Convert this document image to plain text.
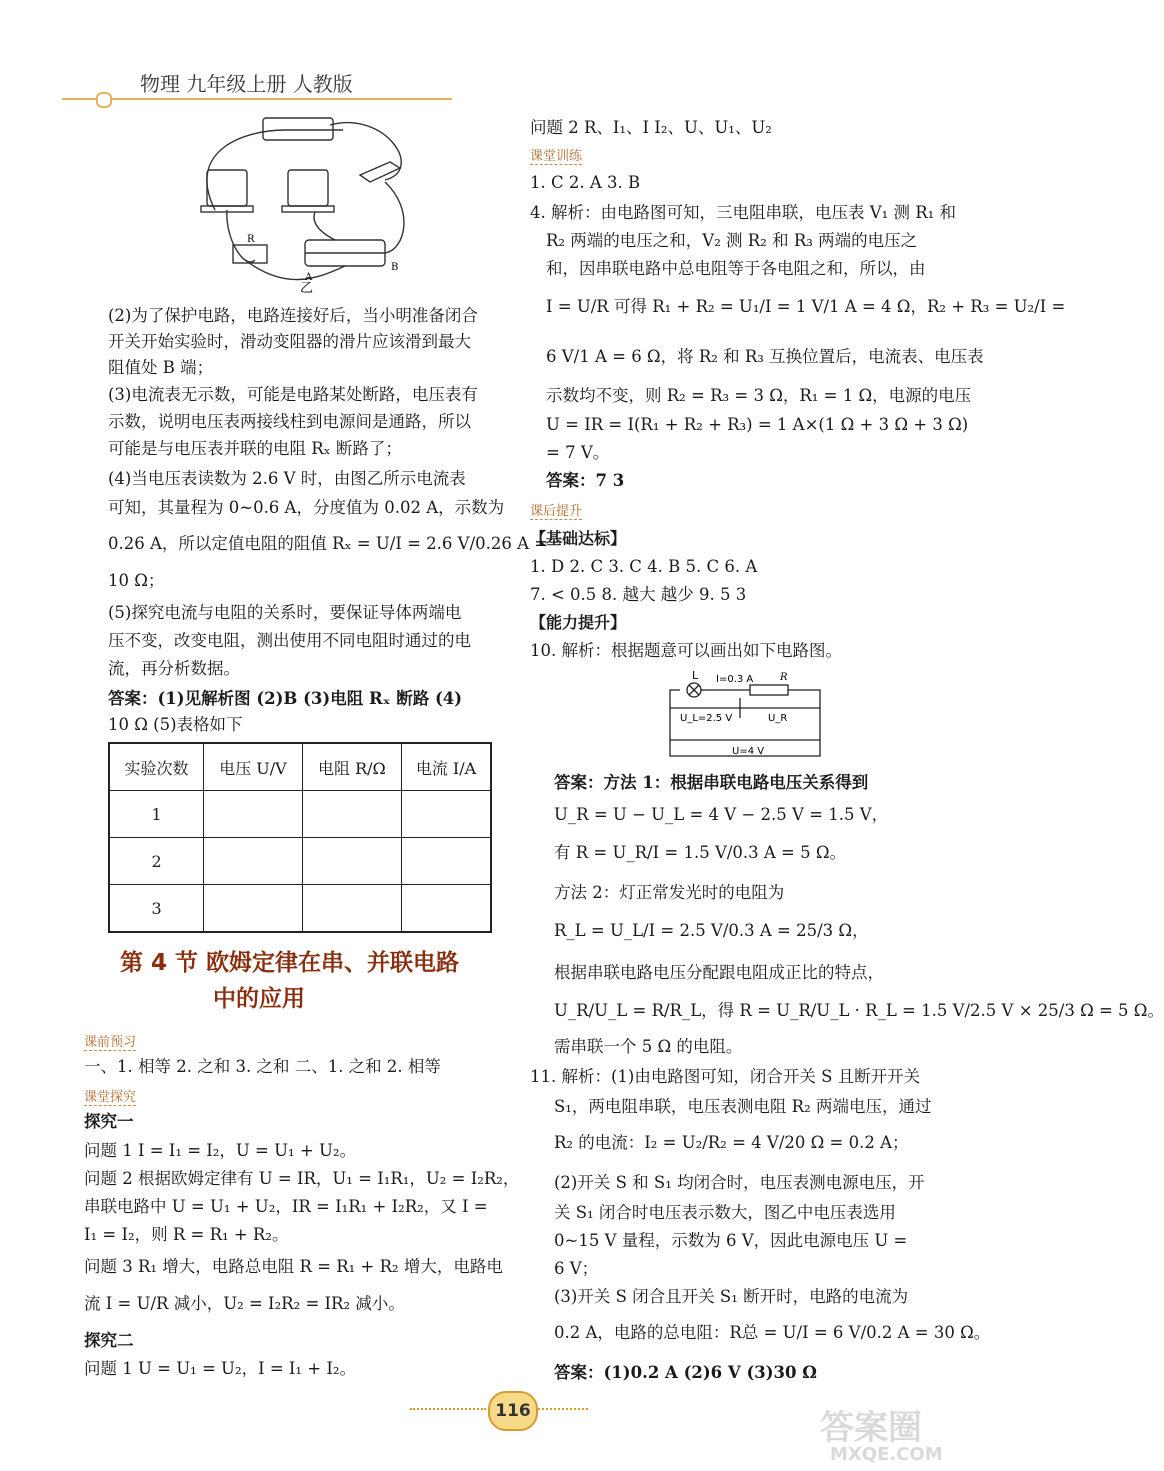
物理 九年级上册 人教版
R
A
B
乙
(2)为了保护电路，电路连接好后，当小明准备闭合
开关开始实验时，滑动变阻器的滑片应该滑到最大
阻值处 B 端；
(3)电流表无示数，可能是电路某处断路，电压表有
示数，说明电压表两接线柱到电源间是通路，所以
可能是与电压表并联的电阻 Rₓ 断路了；
(4)当电压表读数为 2.6 V 时，由图乙所示电流表
可知，其量程为 0~0.6 A，分度值为 0.02 A，示数为
0.26 A，所以定值电阻的阻值 Rₓ = U/I = 2.6 V/0.26 A =
10 Ω；
(5)探究电流与电阻的关系时，要保证导体两端电
压不变，改变电阻，测出使用不同电阻时通过的电
流，再分析数据。
答案：(1)见解析图 (2)B (3)电阻 Rₓ 断路 (4)
10 Ω (5)表格如下
实验次数	电压 U/V	电阻 R/Ω	电流 I/A
1			
2			
3			
第 4 节 欧姆定律在串、并联电路
中的应用
课前预习
一、1. 相等 2. 之和 3. 之和 二、1. 之和 2. 相等
课堂探究
探究一
问题 1 I = I₁ = I₂，U = U₁ + U₂。
问题 2 根据欧姆定律有 U = IR，U₁ = I₁R₁，U₂ = I₂R₂，
串联电路中 U = U₁ + U₂，IR = I₁R₁ + I₂R₂，又 I =
I₁ = I₂，则 R = R₁ + R₂。
问题 3 R₁ 增大，电路总电阻 R = R₁ + R₂ 增大，电路电
流 I = U/R 减小，U₂ = I₂R₂ = IR₂ 减小。
探究二
问题 1 U = U₁ = U₂，I = I₁ + I₂。
问题 2 R、I₁、I I₂、U、U₁、U₂
课堂训练
1. C 2. A 3. B
4. 解析：由电路图可知，三电阻串联，电压表 V₁ 测 R₁ 和
R₂ 两端的电压之和，V₂ 测 R₂ 和 R₃ 两端的电压之
和，因串联电路中总电阻等于各电阻之和，所以，由
I = U/R 可得 R₁ + R₂ = U₁/I = 1 V/1 A = 4 Ω，R₂ + R₃ = U₂/I =
6 V/1 A = 6 Ω，将 R₂ 和 R₃ 互换位置后，电流表、电压表
示数均不变，则 R₂ = R₃ = 3 Ω，R₁ = 1 Ω，电源的电压
U = IR = I(R₁ + R₂ + R₃) = 1 A×(1 Ω + 3 Ω + 3 Ω)
= 7 V。
答案：7 3
课后提升
【基础达标】
1. D 2. C 3. C 4. B 5. C 6. A
7. < 0.5 8. 越大 越少 9. 5 3
【能力提升】
10. 解析：根据题意可以画出如下电路图。
L I=0.3 A	R
U_L=2.5 V	U_R
U=4 V
答案：方法 1：根据串联电路电压关系得到
U_R = U − U_L = 4 V − 2.5 V = 1.5 V，
有 R = U_R/I = 1.5 V/0.3 A = 5 Ω。
方法 2：灯正常发光时的电阻为
R_L = U_L/I = 2.5 V/0.3 A = 25/3 Ω，
根据串联电路电压分配跟电阻成正比的特点，
U_R/U_L = R/R_L，得 R = U_R/U_L · R_L = 1.5 V/2.5 V × 25/3 Ω = 5 Ω。
需串联一个 5 Ω 的电阻。
11. 解析：(1)由电路图可知，闭合开关 S 且断开开关
S₁，两电阻串联，电压表测电阻 R₂ 两端电压，通过
R₂ 的电流：I₂ = U₂/R₂ = 4 V/20 Ω = 0.2 A；
(2)开关 S 和 S₁ 均闭合时，电压表测电源电压，开
关 S₁ 闭合时电压表示数大，图乙中电压表选用
0~15 V 量程，示数为 6 V，因此电源电压 U =
6 V；
(3)开关 S 闭合且开关 S₁ 断开时，电路的电流为
0.2 A，电路的总电阻：R总 = U/I = 6 V/0.2 A = 30 Ω。
答案：(1)0.2 A (2)6 V (3)30 Ω
116	答案圈
MXQE.COM
